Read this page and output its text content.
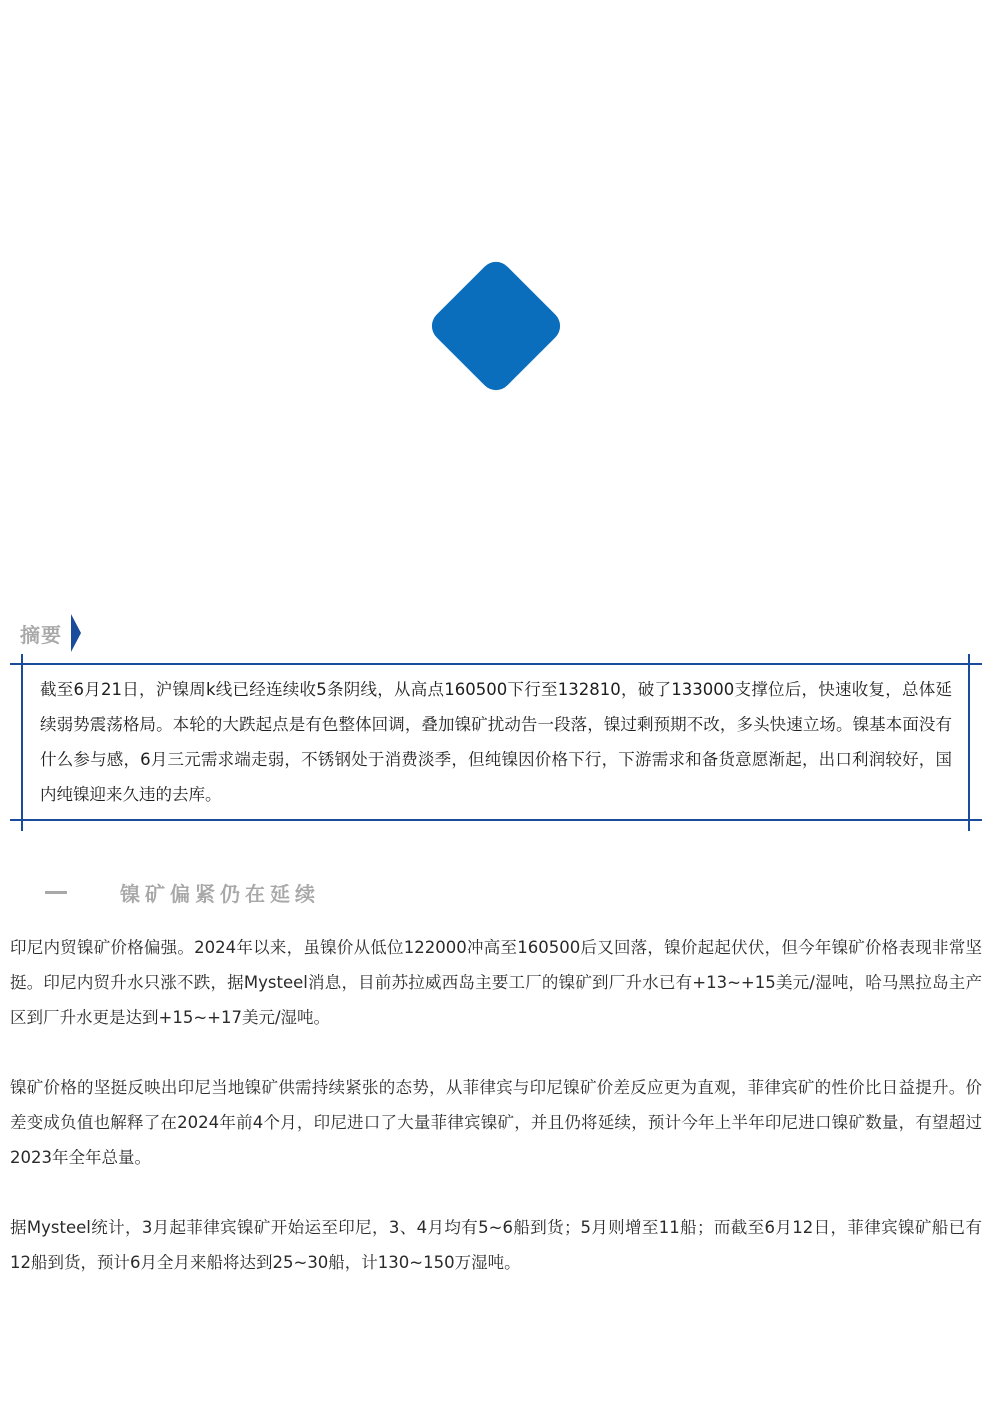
摘要

截至6月21日，沪镍周k线已经连续收5条阴线，从高点160500下行至132810，破了133000支撑位后，快速收复，总体延续弱势震荡格局。本轮的大跌起点是有色整体回调，叠加镍矿扰动告一段落，镍过剩预期不改，多头快速立场。镍基本面没有什么参与感，6月三元需求端走弱，不锈钢处于消费淡季，但纯镍因价格下行，下游需求和备货意愿渐起，出口利润较好，国内纯镍迎来久违的去库。

镍矿偏紧仍在延续

印尼内贸镍矿价格偏强。2024年以来，虽镍价从低位122000冲高至160500后又回落，镍价起起伏伏，但今年镍矿价格表现非常坚挺。印尼内贸升水只涨不跌，据Mysteel消息，目前苏拉威西岛主要工厂的镍矿到厂升水已有+13~+15美元/湿吨，哈马黑拉岛主产区到厂升水更是达到+15~+17美元/湿吨。

镍矿价格的坚挺反映出印尼当地镍矿供需持续紧张的态势，从菲律宾与印尼镍矿价差反应更为直观，菲律宾矿的性价比日益提升。价差变成负值也解释了在2024年前4个月，印尼进口了大量菲律宾镍矿，并且仍将延续，预计今年上半年印尼进口镍矿数量，有望超过2023年全年总量。

据Mysteel统计，3月起菲律宾镍矿开始运至印尼，3、4月均有5~6船到货；5月则增至11船；而截至6月12日，菲律宾镍矿船已有12船到货，预计6月全月来船将达到25~30船，计130~150万湿吨。
